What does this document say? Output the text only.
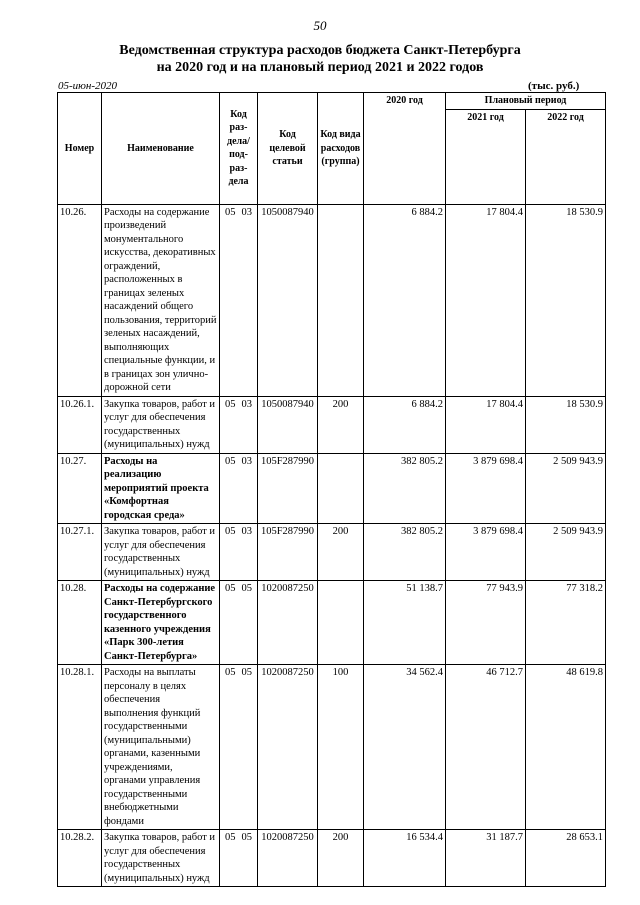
50
Ведомственная структура расходов бюджета Санкт-Петербурга
на 2020 год и на плановый период 2021 и 2022 годов
05-июн-2020	(тыс. руб.)
Номер	Наименование	Код раз-дела/ под-раз-дела	Код целевой статьи	Код вида расходов (группа)	2020 год	Плановый период	
						2021 год	2022 год
10.26.	Расходы на содержание произведений монументального искусства, декоративных ограждений, расположенных в границах зеленых насаждений общего пользования, территорий зеленых насаждений, выполняющих специальные функции, и в границах зон улично-дорожной сети	05 03	1050087940		6 884.2	17 804.4	18 530.9
10.26.1.	Закупка товаров, работ и услуг для обеспечения государственных (муниципальных) нужд	05 03	1050087940	200	6 884.2	17 804.4	18 530.9
10.27.	Расходы на реализацию мероприятий проекта «Комфортная городская среда»	05 03	105F287990		382 805.2	3 879 698.4	2 509 943.9
10.27.1.	Закупка товаров, работ и услуг для обеспечения государственных (муниципальных) нужд	05 03	105F287990	200	382 805.2	3 879 698.4	2 509 943.9
10.28.	Расходы на содержание Санкт-Петербургского государственного казенного учреждения «Парк 300-летия Санкт-Петербурга»	05 05	1020087250		51 138.7	77 943.9	77 318.2
10.28.1.	Расходы на выплаты персоналу в целях обеспечения выполнения функций государственными (муниципальными) органами, казенными учреждениями, органами управления государственными внебюджетными фондами	05 05	1020087250	100	34 562.4	46 712.7	48 619.8
10.28.2.	Закупка товаров, работ и услуг для обеспечения государственных (муниципальных) нужд	05 05	1020087250	200	16 534.4	31 187.7	28 653.1
